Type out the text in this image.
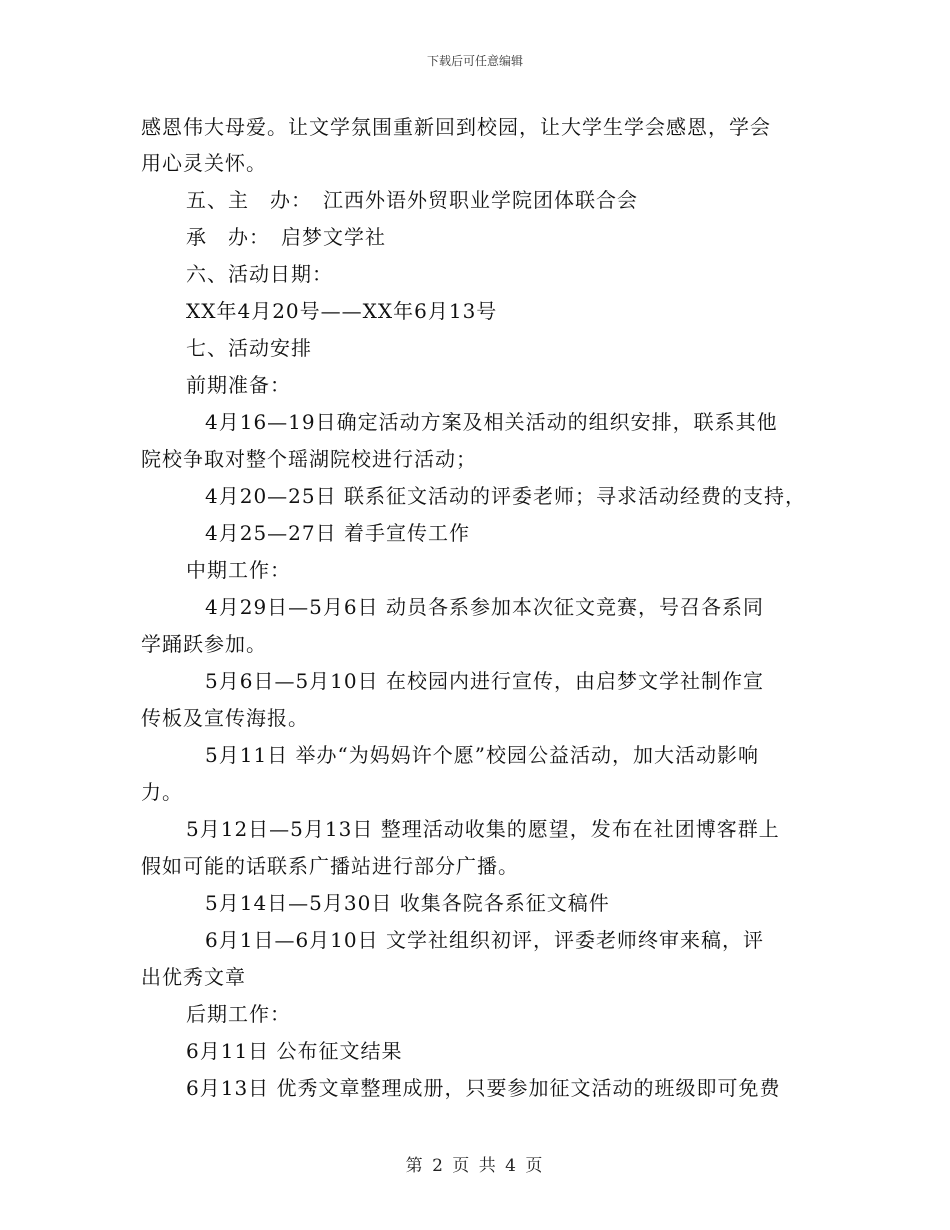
下载后可任意编辑
感恩伟大母爱。让文学氛围重新回到校园，让大学生学会感恩，学会
用心灵关怀。
五、主　办：　江西外语外贸职业学院团体联合会
承　办：　启梦文学社
六、活动日期：
XX年4月20号——XX年6月13号
七、活动安排
前期准备：
4月16—19日确定活动方案及相关活动的组织安排，联系其他
院校争取对整个瑶湖院校进行活动；
4月20—25日 联系征文活动的评委老师；寻求活动经费的支持，
4月25—27日 着手宣传工作
中期工作：
4月29日—5月6日 动员各系参加本次征文竞赛，号召各系同
学踊跃参加。
5月6日—5月10日 在校园内进行宣传，由启梦文学社制作宣
传板及宣传海报。
5月11日 举办“为妈妈许个愿”校园公益活动，加大活动影响
力。
5月12日—5月13日 整理活动收集的愿望，发布在社团博客群上
假如可能的话联系广播站进行部分广播。
5月14日—5月30日 收集各院各系征文稿件
6月1日—6月10日 文学社组织初评，评委老师终审来稿，评
出优秀文章
后期工作：
6月11日 公布征文结果
6月13日 优秀文章整理成册，只要参加征文活动的班级即可免费
第 2 页 共 4 页
